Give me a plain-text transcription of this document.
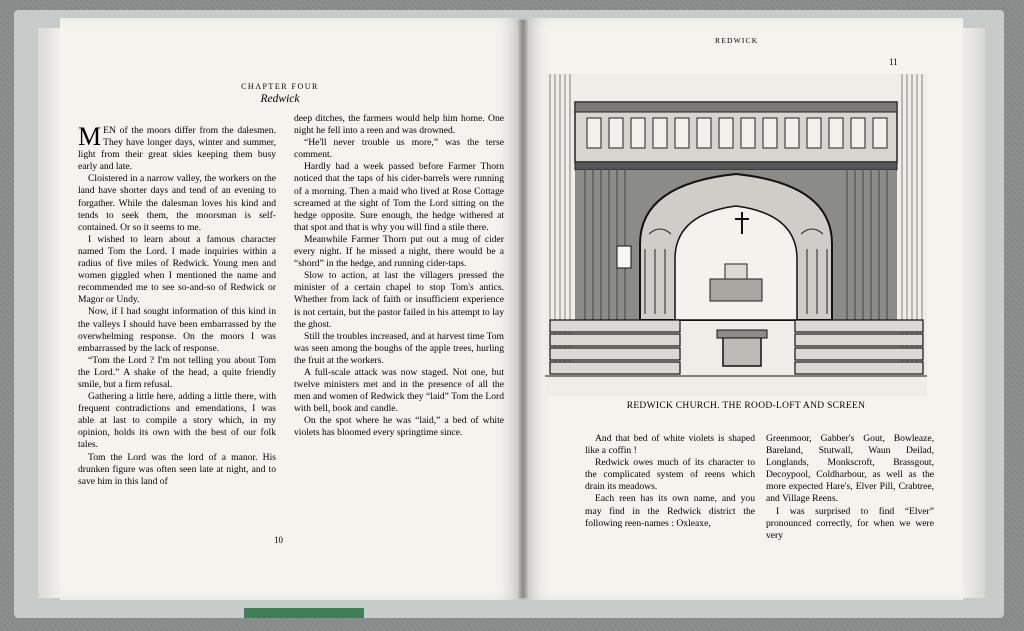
CHAPTER FOUR
Redwick

MEN of the moors differ from the dalesmen. They have longer days, winter and summer, light from their great skies keeping them busy early and late.

Cloistered in a narrow valley, the workers on the land have shorter days and tend of an evening to forgather. While the dalesman loves his kind and tends to seek them, the moorsman is self-contained. Or so it seems to me.

I wished to learn about a famous character named Tom the Lord. I made inquiries within a radius of five miles of Redwick. Young men and women giggled when I mentioned the name and recommended me to see so-and-so of Redwick or Magor or Undy.

Now, if I had sought information of this kind in the valleys I should have been embarrassed by the overwhelming response. On the moors I was embarrassed by the lack of response.

“Tom the Lord ? I'm not telling you about Tom the Lord.” A shake of the head, a quite friendly smile, but a firm refusal.

Gathering a little here, adding a little there, with frequent contradictions and emendations, I was able at last to compile a story which, in my opinion, holds its own with the best of our folk tales.

Tom the Lord was the lord of a manor. His drunken figure was often seen late at night, and to save him in this land of

deep ditches, the farmers would help him home. One night he fell into a reen and was drowned.

“He'll never trouble us more,” was the terse comment.

Hardly had a week passed before Farmer Thorn noticed that the taps of his cider-barrels were running of a morning. Then a maid who lived at Rose Cottage screamed at the sight of Tom the Lord sitting on the hedge opposite. Sure enough, the hedge withered at that spot and that is why you will find a stile there.

Meanwhile Farmer Thorn put out a mug of cider every night. If he missed a night, there would be a “shord” in the hedge, and running cider-taps.

Slow to action, at last the villagers pressed the minister of a certain chapel to stop Tom's antics. Whether from lack of faith or insufficient experience is not certain, but the pastor failed in his attempt to lay the ghost.

Still the troubles increased, and at harvest time Tom was seen among the boughs of the apple trees, hurling the fruit at the workers.

A full-scale attack was now staged. Not one, but twelve ministers met and in the presence of all the men and women of Redwick they “laid” Tom the Lord with bell, book and candle.

On the spot where he was “laid,” a bed of white violets has bloomed every springtime since.

10
REDWICK
11
REDWICK CHURCH. THE ROOD-LOFT AND SCREEN

And that bed of white violets is shaped like a coffin !

Redwick owes much of its character to the complicated system of reens which drain its meadows.

Each reen has its own name, and you may find in the Redwick district the following reen-names : Oxleaxe,

Greenmoor, Gabber's Gout, Bowleaze, Bareland, Stutwall, Waun Deilad, Longlands, Monkscroft, Brassgout, Decoypool, Coldharbour, as well as the more expected Hare's, Elver Pill, Crabtree, and Village Reens.

I was surprised to find “Elver” pronounced correctly, for when we were very
